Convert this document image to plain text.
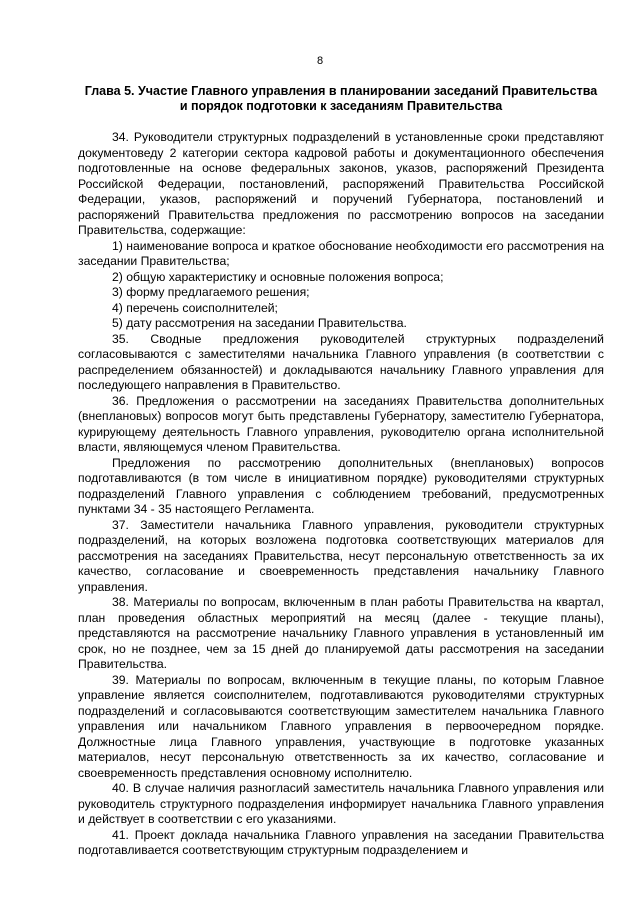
8
Глава 5. Участие Главного управления в планировании заседаний Правительства
и порядок подготовки к заседаниям Правительства

34. Руководители структурных подразделений в установленные сроки представляют документоведу 2 категории сектора кадровой работы и документационного обеспечения подготовленные на основе федеральных законов, указов, распоряжений Президента Российской Федерации, постановлений, распоряжений Правительства Российской Федерации, указов, распоряжений и поручений Губернатора, постановлений и распоряжений Правительства предложения по рассмотрению вопросов на заседании Правительства, содержащие:

1) наименование вопроса и краткое обоснование необходимости его рассмотрения на заседании Правительства;

2) общую характеристику и основные положения вопроса;

3) форму предлагаемого решения;

4) перечень соисполнителей;

5) дату рассмотрения на заседании Правительства.

35. Сводные предложения руководителей структурных подразделений согласовываются с заместителями начальника Главного управления (в соответствии с распределением обязанностей) и докладываются начальнику Главного управления для последующего направления в Правительство.

36. Предложения о рассмотрении на заседаниях Правительства дополнительных (внеплановых) вопросов могут быть представлены Губернатору, заместителю Губернатора, курирующему деятельность Главного управления, руководителю органа исполнительной власти, являющемуся членом Правительства.

Предложения по рассмотрению дополнительных (внеплановых) вопросов подготавливаются (в том числе в инициативном порядке) руководителями структурных подразделений Главного управления с соблюдением требований, предусмотренных пунктами 34 - 35 настоящего Регламента.

37. Заместители начальника Главного управления, руководители структурных подразделений, на которых возложена подготовка соответствующих материалов для рассмотрения на заседаниях Правительства, несут персональную ответственность за их качество, согласование и своевременность представления начальнику Главного управления.

38. Материалы по вопросам, включенным в план работы Правительства на квартал, план проведения областных мероприятий на месяц (далее - текущие планы), представляются на рассмотрение начальнику Главного управления в установленный им срок, но не позднее, чем за 15 дней до планируемой даты рассмотрения на заседании Правительства.

39. Материалы по вопросам, включенным в текущие планы, по которым Главное управление является соисполнителем, подготавливаются руководителями структурных подразделений и согласовываются соответствующим заместителем начальника Главного управления или начальником Главного управления в первоочередном порядке. Должностные лица Главного управления, участвующие в подготовке указанных материалов, несут персональную ответственность за их качество, согласование и своевременность представления основному исполнителю.

40. В случае наличия разногласий заместитель начальника Главного управления или руководитель структурного подразделения информирует начальника Главного управления и действует в соответствии с его указаниями.

41. Проект доклада начальника Главного управления на заседании Правительства подготавливается соответствующим структурным подразделением и
